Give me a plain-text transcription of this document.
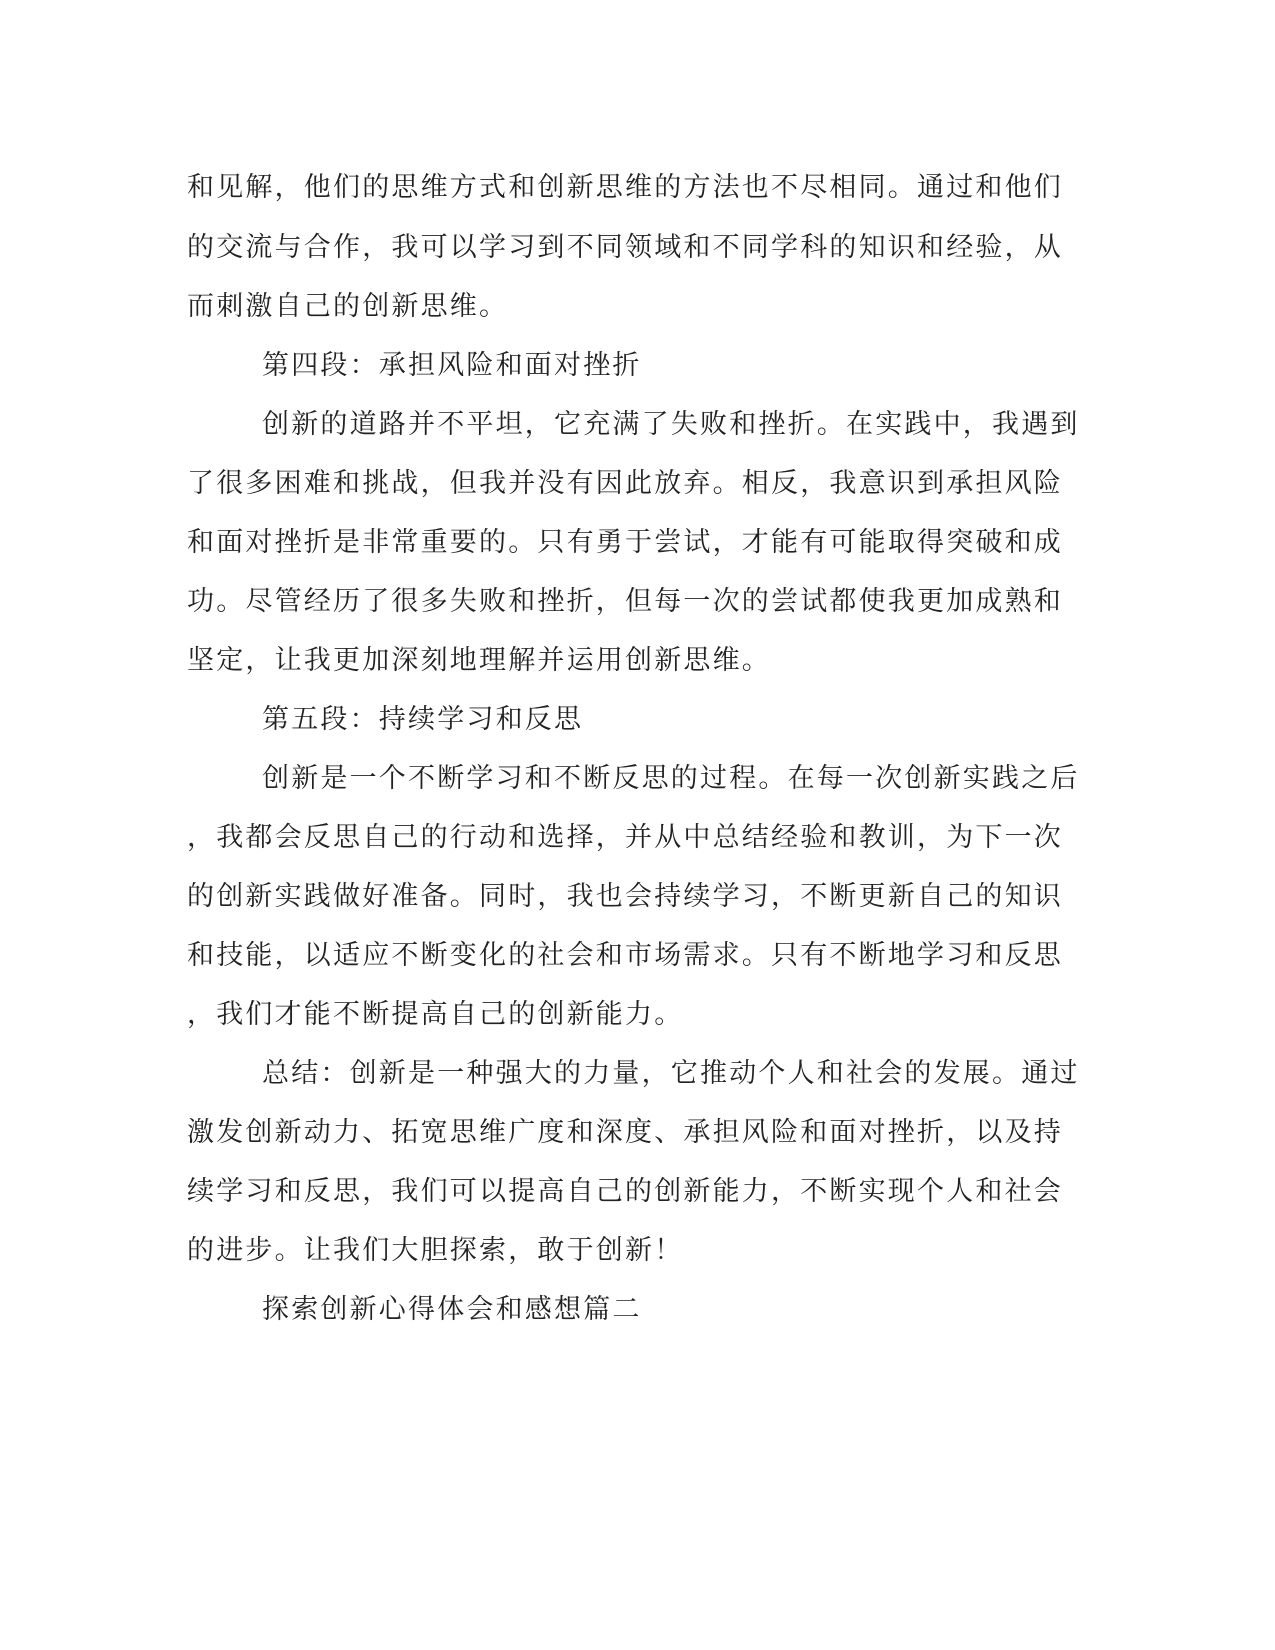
和见解，他们的思维方式和创新思维的方法也不尽相同。通过和他们
的交流与合作，我可以学习到不同领域和不同学科的知识和经验，从
而刺激自己的创新思维。
第四段：承担风险和面对挫折
创新的道路并不平坦，它充满了失败和挫折。在实践中，我遇到
了很多困难和挑战，但我并没有因此放弃。相反，我意识到承担风险
和面对挫折是非常重要的。只有勇于尝试，才能有可能取得突破和成
功。尽管经历了很多失败和挫折，但每一次的尝试都使我更加成熟和
坚定，让我更加深刻地理解并运用创新思维。
第五段：持续学习和反思
创新是一个不断学习和不断反思的过程。在每一次创新实践之后
，我都会反思自己的行动和选择，并从中总结经验和教训，为下一次
的创新实践做好准备。同时，我也会持续学习，不断更新自己的知识
和技能，以适应不断变化的社会和市场需求。只有不断地学习和反思
，我们才能不断提高自己的创新能力。
总结：创新是一种强大的力量，它推动个人和社会的发展。通过
激发创新动力、拓宽思维广度和深度、承担风险和面对挫折，以及持
续学习和反思，我们可以提高自己的创新能力，不断实现个人和社会
的进步。让我们大胆探索，敢于创新！
探索创新心得体会和感想篇二
